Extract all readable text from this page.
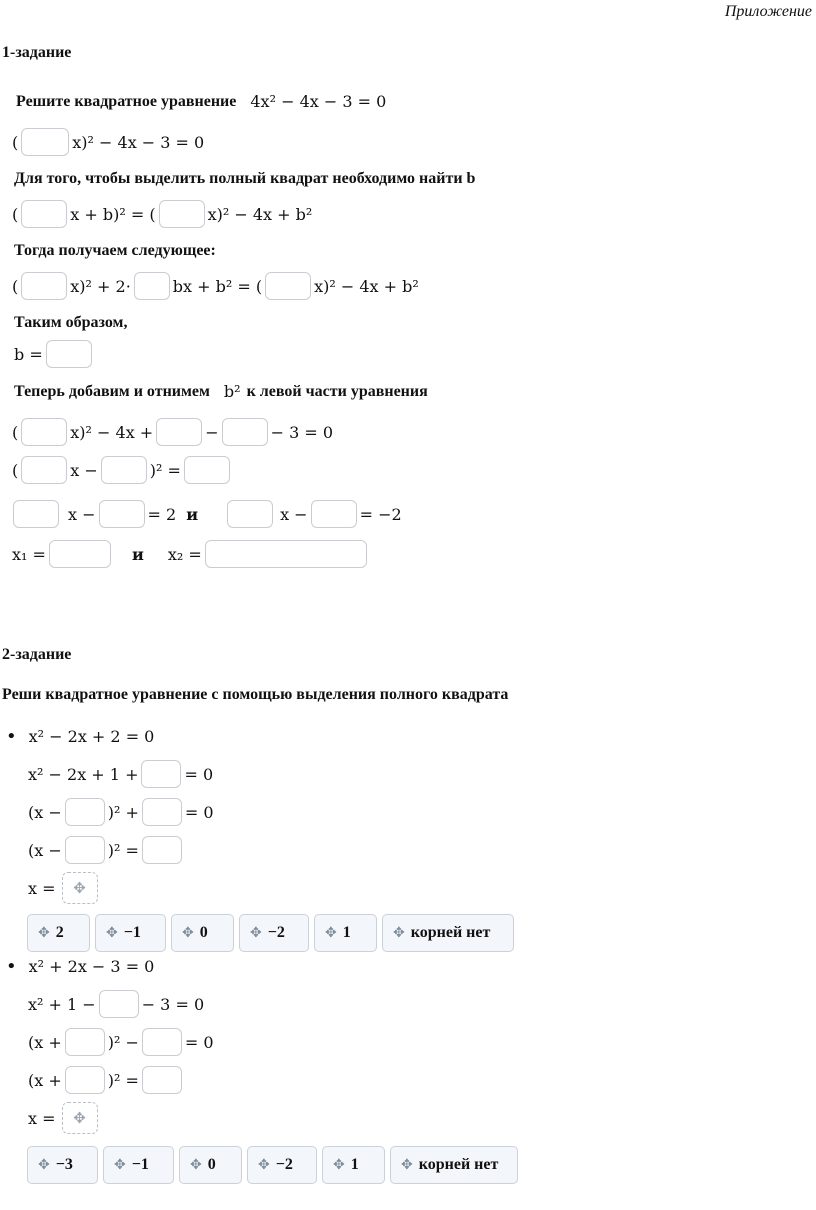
Приложение
1-задание
Решите квадратное уравнение 4x² − 4x − 3 = 0
(	x)² − 4x − 3 = 0
Для того, чтобы выделить полный квадрат необходимо найти b
(	x + b)² = (	x)² − 4x + b²
Тогда получаем следующее:
(	x)² + 2·	bx + b² = (	x)² − 4x + b²
Таким образом,
b =
Теперь добавим и отнимем b² к левой части уравнения
(	x)² − 4x +	−	− 3 = 0
(	x −	)² =
x −	= 2 и	x −	= −2
x₁ =	и x₂ =
2-задание
Реши квадратное уравнение с помощью выделения полного квадрата
• x² − 2x + 2 = 0
x² − 2x + 1 +	= 0
(x −	)² +	= 0
(x −	)² =
x =	✥
✥ 2	✥ −1	✥ 0	✥ −2	✥ 1	✥ корней нет
• x² + 2x − 3 = 0
x² + 1 −	− 3 = 0
(x +	)² −	= 0
(x +	)² =
x =	✥
✥ −3	✥ −1	✥ 0	✥ −2	✥ 1	✥ корней нет
